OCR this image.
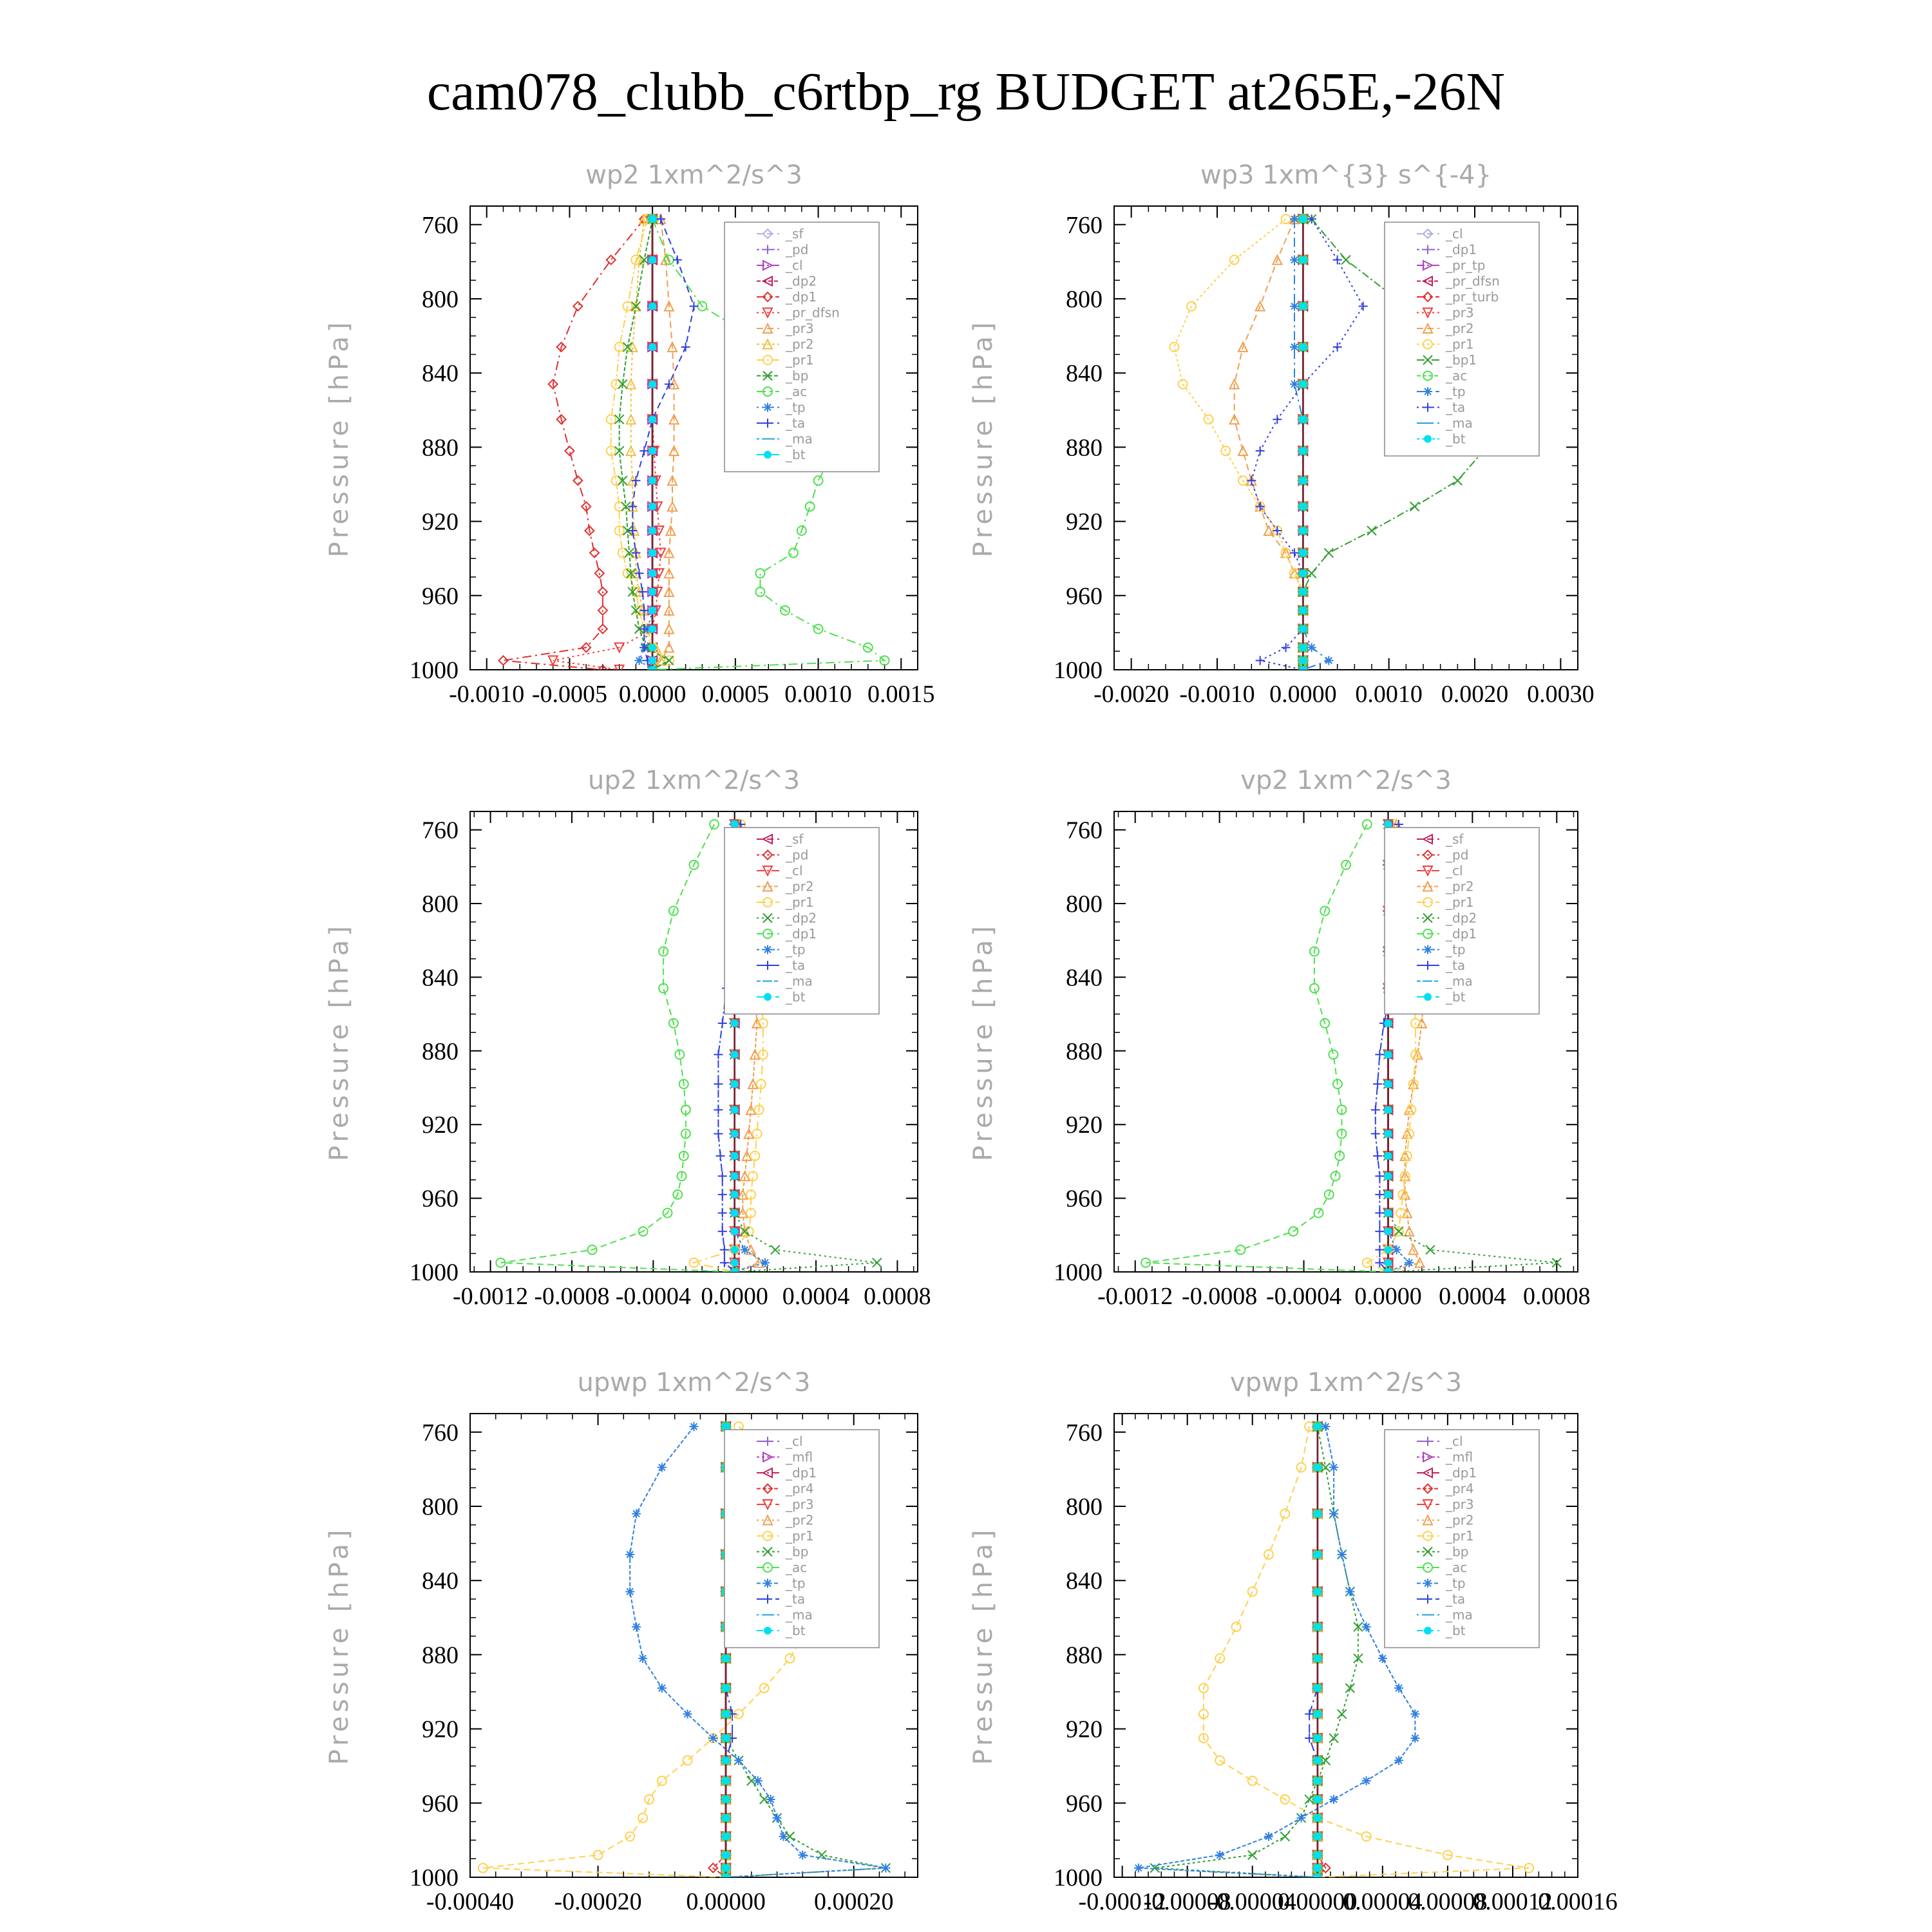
cam078_clubb_c6rtbp_rg BUDGET at265E,-26N
wp2 1xm^2/s^3
Pressure [hPa]
760
800
840
880
920
960
1000
-0.0010 -0.0005 0.0000 0.0005 0.0010 0.0015
_sf
_pd
_cl
_dp2
_dp1
_pr_dfsn
_pr3
_pr2
_pr1
_bp
_ac
_tp
_ta
_ma
_bt
wp3 1xm^{3} s^{-4}
Pressure [hPa]
760
800
840
880
920
960
1000
-0.0020 -0.0010 0.0000 0.0010 0.0020 0.0030
_cl
_dp1
_pr_tp
_pr_dfsn
_pr_turb
_pr3
_pr2
_pr1
_bp1
_ac
_tp
_ta
_ma
_bt
up2 1xm^2/s^3
Pressure [hPa]
760
800
840
880
920
960
1000
-0.0012 -0.0008 -0.0004 0.0000 0.0004 0.0008
_sf
_pd
_cl
_pr2
_pr1
_dp2
_dp1
_tp
_ta
_ma
_bt
vp2 1xm^2/s^3
Pressure [hPa]
760
800
840
880
920
960
1000
-0.0012 -0.0008 -0.0004 0.0000 0.0004 0.0008
_sf
_pd
_cl
_pr2
_pr1
_dp2
_dp1
_tp
_ta
_ma
_bt
upwp 1xm^2/s^3
Pressure [hPa]
760
800
840
880
920
960
1000
-0.00040 -0.00020 0.00000 0.00020
_cl
_mfl
_dp1
_pr4
_pr3
_pr2
_pr1
_bp
_ac
_tp
_ta
_ma
_bt
vpwp 1xm^2/s^3
Pressure [hPa]
760
800
840
880
920
960
1000
-0.00012
-0.00008
-0.00004
0.00000
0.00004
0.00008
0.00012
0.00016
_cl
_mfl
_dp1
_pr4
_pr3
_pr2
_pr1
_bp
_ac
_tp
_ta
_ma
_bt
